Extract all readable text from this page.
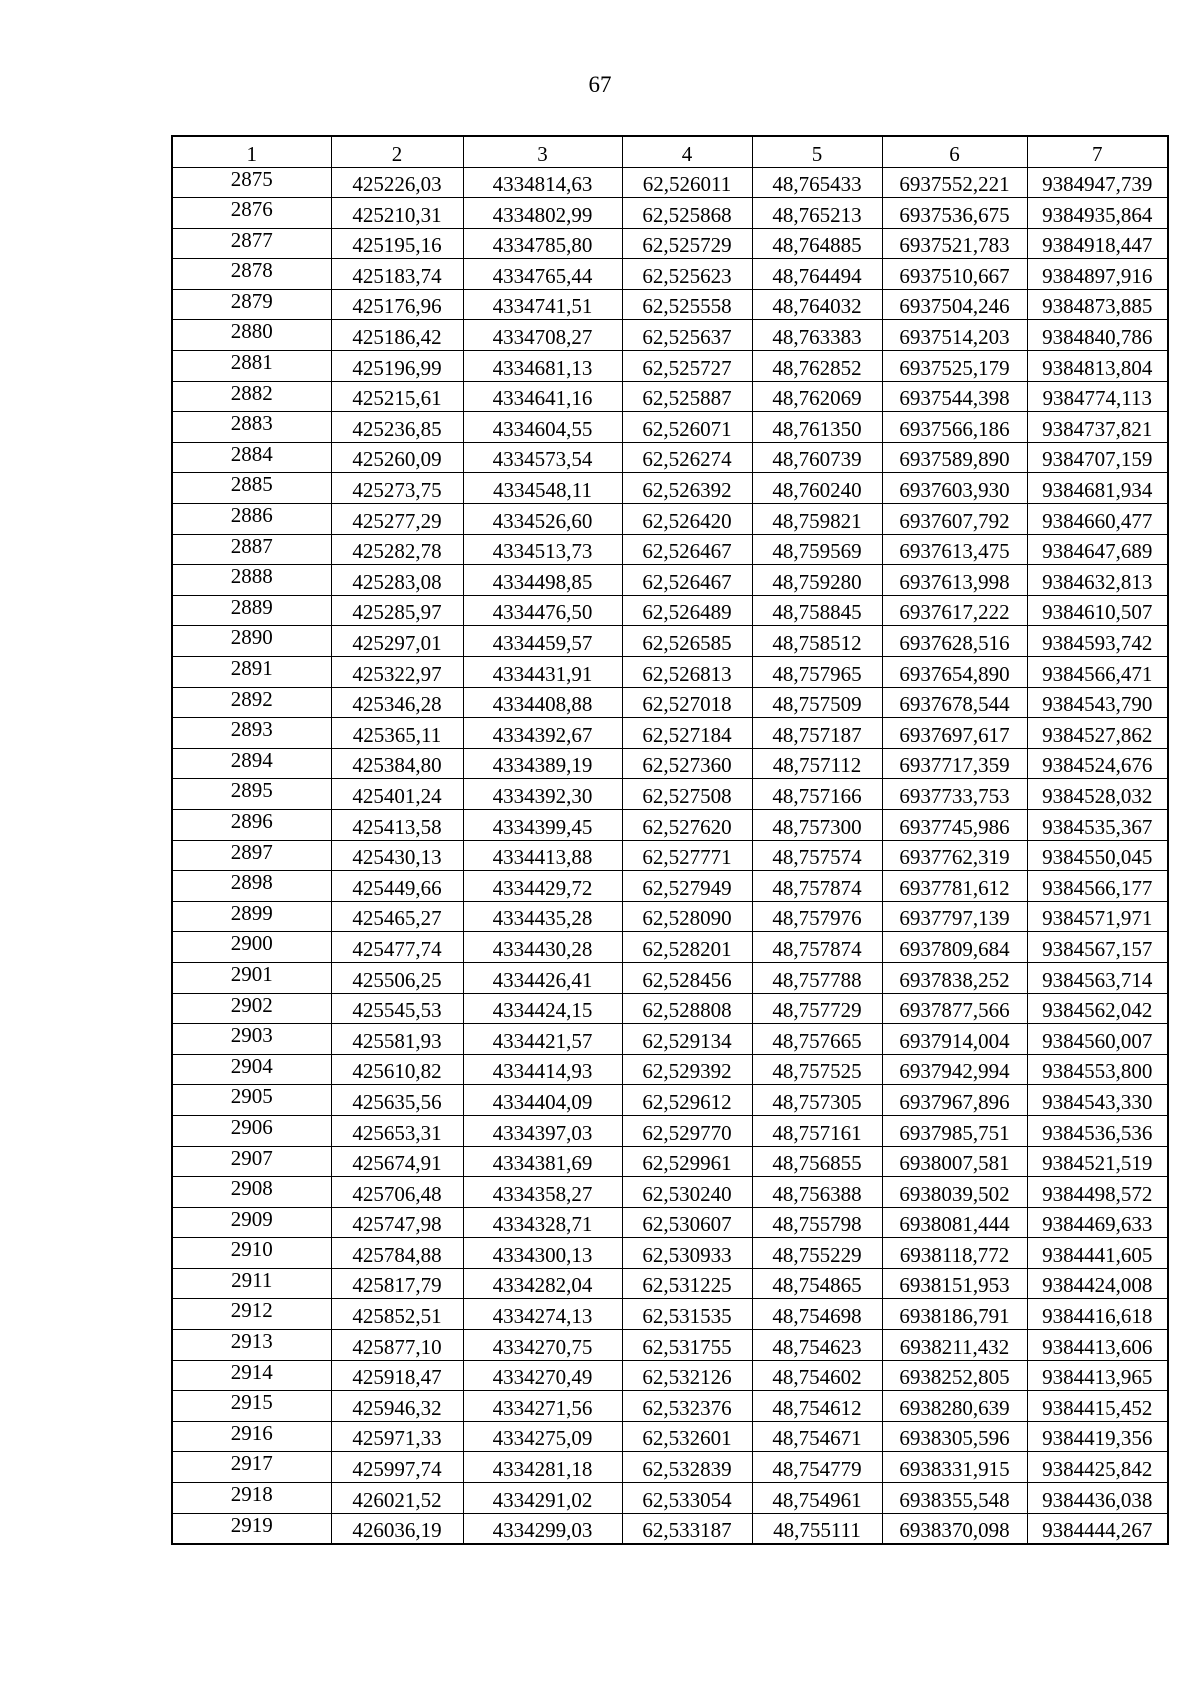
67
1	2	3	4	5	6	7
2875	425226,03	4334814,63	62,526011	48,765433	6937552,221	9384947,739
2876	425210,31	4334802,99	62,525868	48,765213	6937536,675	9384935,864
2877	425195,16	4334785,80	62,525729	48,764885	6937521,783	9384918,447
2878	425183,74	4334765,44	62,525623	48,764494	6937510,667	9384897,916
2879	425176,96	4334741,51	62,525558	48,764032	6937504,246	9384873,885
2880	425186,42	4334708,27	62,525637	48,763383	6937514,203	9384840,786
2881	425196,99	4334681,13	62,525727	48,762852	6937525,179	9384813,804
2882	425215,61	4334641,16	62,525887	48,762069	6937544,398	9384774,113
2883	425236,85	4334604,55	62,526071	48,761350	6937566,186	9384737,821
2884	425260,09	4334573,54	62,526274	48,760739	6937589,890	9384707,159
2885	425273,75	4334548,11	62,526392	48,760240	6937603,930	9384681,934
2886	425277,29	4334526,60	62,526420	48,759821	6937607,792	9384660,477
2887	425282,78	4334513,73	62,526467	48,759569	6937613,475	9384647,689
2888	425283,08	4334498,85	62,526467	48,759280	6937613,998	9384632,813
2889	425285,97	4334476,50	62,526489	48,758845	6937617,222	9384610,507
2890	425297,01	4334459,57	62,526585	48,758512	6937628,516	9384593,742
2891	425322,97	4334431,91	62,526813	48,757965	6937654,890	9384566,471
2892	425346,28	4334408,88	62,527018	48,757509	6937678,544	9384543,790
2893	425365,11	4334392,67	62,527184	48,757187	6937697,617	9384527,862
2894	425384,80	4334389,19	62,527360	48,757112	6937717,359	9384524,676
2895	425401,24	4334392,30	62,527508	48,757166	6937733,753	9384528,032
2896	425413,58	4334399,45	62,527620	48,757300	6937745,986	9384535,367
2897	425430,13	4334413,88	62,527771	48,757574	6937762,319	9384550,045
2898	425449,66	4334429,72	62,527949	48,757874	6937781,612	9384566,177
2899	425465,27	4334435,28	62,528090	48,757976	6937797,139	9384571,971
2900	425477,74	4334430,28	62,528201	48,757874	6937809,684	9384567,157
2901	425506,25	4334426,41	62,528456	48,757788	6937838,252	9384563,714
2902	425545,53	4334424,15	62,528808	48,757729	6937877,566	9384562,042
2903	425581,93	4334421,57	62,529134	48,757665	6937914,004	9384560,007
2904	425610,82	4334414,93	62,529392	48,757525	6937942,994	9384553,800
2905	425635,56	4334404,09	62,529612	48,757305	6937967,896	9384543,330
2906	425653,31	4334397,03	62,529770	48,757161	6937985,751	9384536,536
2907	425674,91	4334381,69	62,529961	48,756855	6938007,581	9384521,519
2908	425706,48	4334358,27	62,530240	48,756388	6938039,502	9384498,572
2909	425747,98	4334328,71	62,530607	48,755798	6938081,444	9384469,633
2910	425784,88	4334300,13	62,530933	48,755229	6938118,772	9384441,605
2911	425817,79	4334282,04	62,531225	48,754865	6938151,953	9384424,008
2912	425852,51	4334274,13	62,531535	48,754698	6938186,791	9384416,618
2913	425877,10	4334270,75	62,531755	48,754623	6938211,432	9384413,606
2914	425918,47	4334270,49	62,532126	48,754602	6938252,805	9384413,965
2915	425946,32	4334271,56	62,532376	48,754612	6938280,639	9384415,452
2916	425971,33	4334275,09	62,532601	48,754671	6938305,596	9384419,356
2917	425997,74	4334281,18	62,532839	48,754779	6938331,915	9384425,842
2918	426021,52	4334291,02	62,533054	48,754961	6938355,548	9384436,038
2919	426036,19	4334299,03	62,533187	48,755111	6938370,098	9384444,267
